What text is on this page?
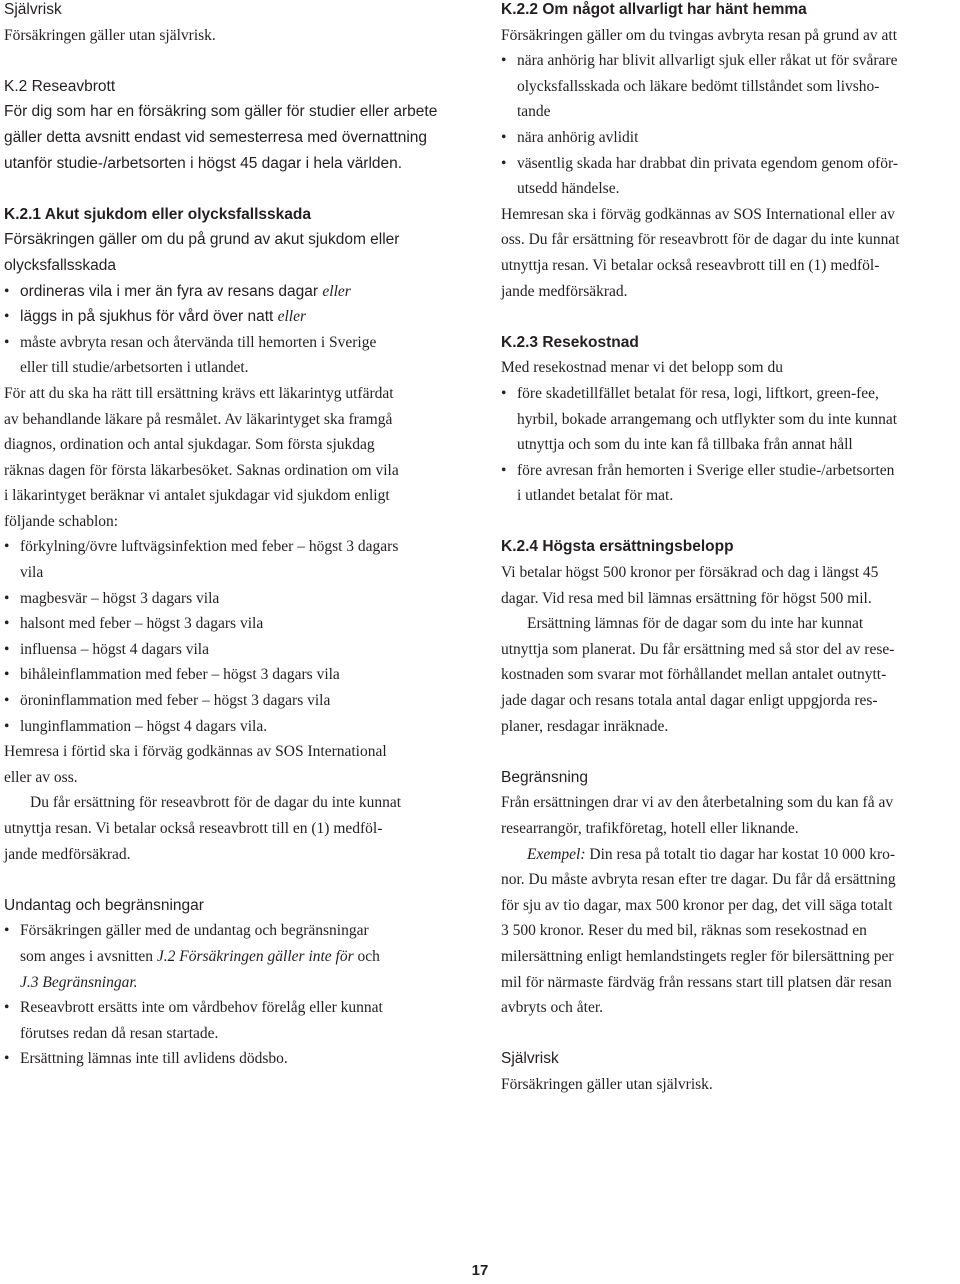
Självrisk
Försäkringen gäller utan självrisk.
K.2 Reseavbrott
För dig som har en försäkring som gäller för studier eller arbete
gäller detta avsnitt endast vid semesterresa med övernattning
utanför studie-/arbetsorten i högst 45 dagar i hela världen.
K.2.1 Akut sjukdom eller olycksfallsskada
Försäkringen gäller om du på grund av akut sjukdom eller
olycksfallsskada
• ordineras vila i mer än fyra av resans dagar eller
• läggs in på sjukhus för vård över natt eller
• måste avbryta resan och återvända till hemorten i Sverige
eller till studie/arbetsorten i utlandet.
För att du ska ha rätt till ersättning krävs ett läkarintyg utfärdat
av behandlande läkare på resmålet. Av läkarintyget ska framgå
diagnos, ordination och antal sjukdagar. Som första sjukdag
räknas dagen för första läkarbesöket. Saknas ordination om vila
i läkarintyget beräknar vi antalet sjukdagar vid sjukdom enligt
följande schablon:
• förkylning/övre luftvägsinfektion med feber – högst 3 dagars
vila
• magbesvär – högst 3 dagars vila
• halsont med feber – högst 3 dagars vila
• influensa – högst 4 dagars vila
• bihåleinflammation med feber – högst 3 dagars vila
• öroninflammation med feber – högst 3 dagars vila
• lunginflammation – högst 4 dagars vila.
Hemresa i förtid ska i förväg godkännas av SOS International
eller av oss.
Du får ersättning för reseavbrott för de dagar du inte kunnat
utnyttja resan. Vi betalar också reseavbrott till en (1) medföl-
jande medförsäkrad.
Undantag och begränsningar
• Försäkringen gäller med de undantag och begränsningar
som anges i avsnitten J.2 Försäkringen gäller inte för och
J.3 Begränsningar.
• Reseavbrott ersätts inte om vårdbehov förelåg eller kunnat
förutses redan då resan startade.
• Ersättning lämnas inte till avlidens dödsbo.
K.2.2 Om något allvarligt har hänt hemma
Försäkringen gäller om du tvingas avbryta resan på grund av att
• nära anhörig har blivit allvarligt sjuk eller råkat ut för svårare
olycksfallsskada och läkare bedömt tillståndet som livsho-
tande
• nära anhörig avlidit
• väsentlig skada har drabbat din privata egendom genom oför-
utsedd händelse.
Hemresan ska i förväg godkännas av SOS International eller av
oss. Du får ersättning för reseavbrott för de dagar du inte kunnat
utnyttja resan. Vi betalar också reseavbrott till en (1) medföl-
jande medförsäkrad.
K.2.3 Resekostnad
Med resekostnad menar vi det belopp som du
• före skadetillfället betalat för resa, logi, liftkort, green-fee,
hyrbil, bokade arrangemang och utflykter som du inte kunnat
utnyttja och som du inte kan få tillbaka från annat håll
• före avresan från hemorten i Sverige eller studie-/arbetsorten
i utlandet betalat för mat.
K.2.4 Högsta ersättningsbelopp
Vi betalar högst 500 kronor per försäkrad och dag i längst 45
dagar. Vid resa med bil lämnas ersättning för högst 500 mil.
Ersättning lämnas för de dagar som du inte har kunnat
utnyttja som planerat. Du får ersättning med så stor del av rese-
kostnaden som svarar mot förhållandet mellan antalet outnytt-
jade dagar och resans totala antal dagar enligt uppgjorda res-
planer, resdagar inräknade.
Begränsning
Från ersättningen drar vi av den återbetalning som du kan få av
researrangör, trafikföretag, hotell eller liknande.
Exempel: Din resa på totalt tio dagar har kostat 10 000 kro-
nor. Du måste avbryta resan efter tre dagar. Du får då ersättning
för sju av tio dagar, max 500 kronor per dag, det vill säga totalt
3 500 kronor. Reser du med bil, räknas som resekostnad en
milersättning enligt hemlandstingets regler för bilersättning per
mil för närmaste färdväg från ressans start till platsen där resan
avbryts och åter.
Självrisk
Försäkringen gäller utan självrisk.
17
